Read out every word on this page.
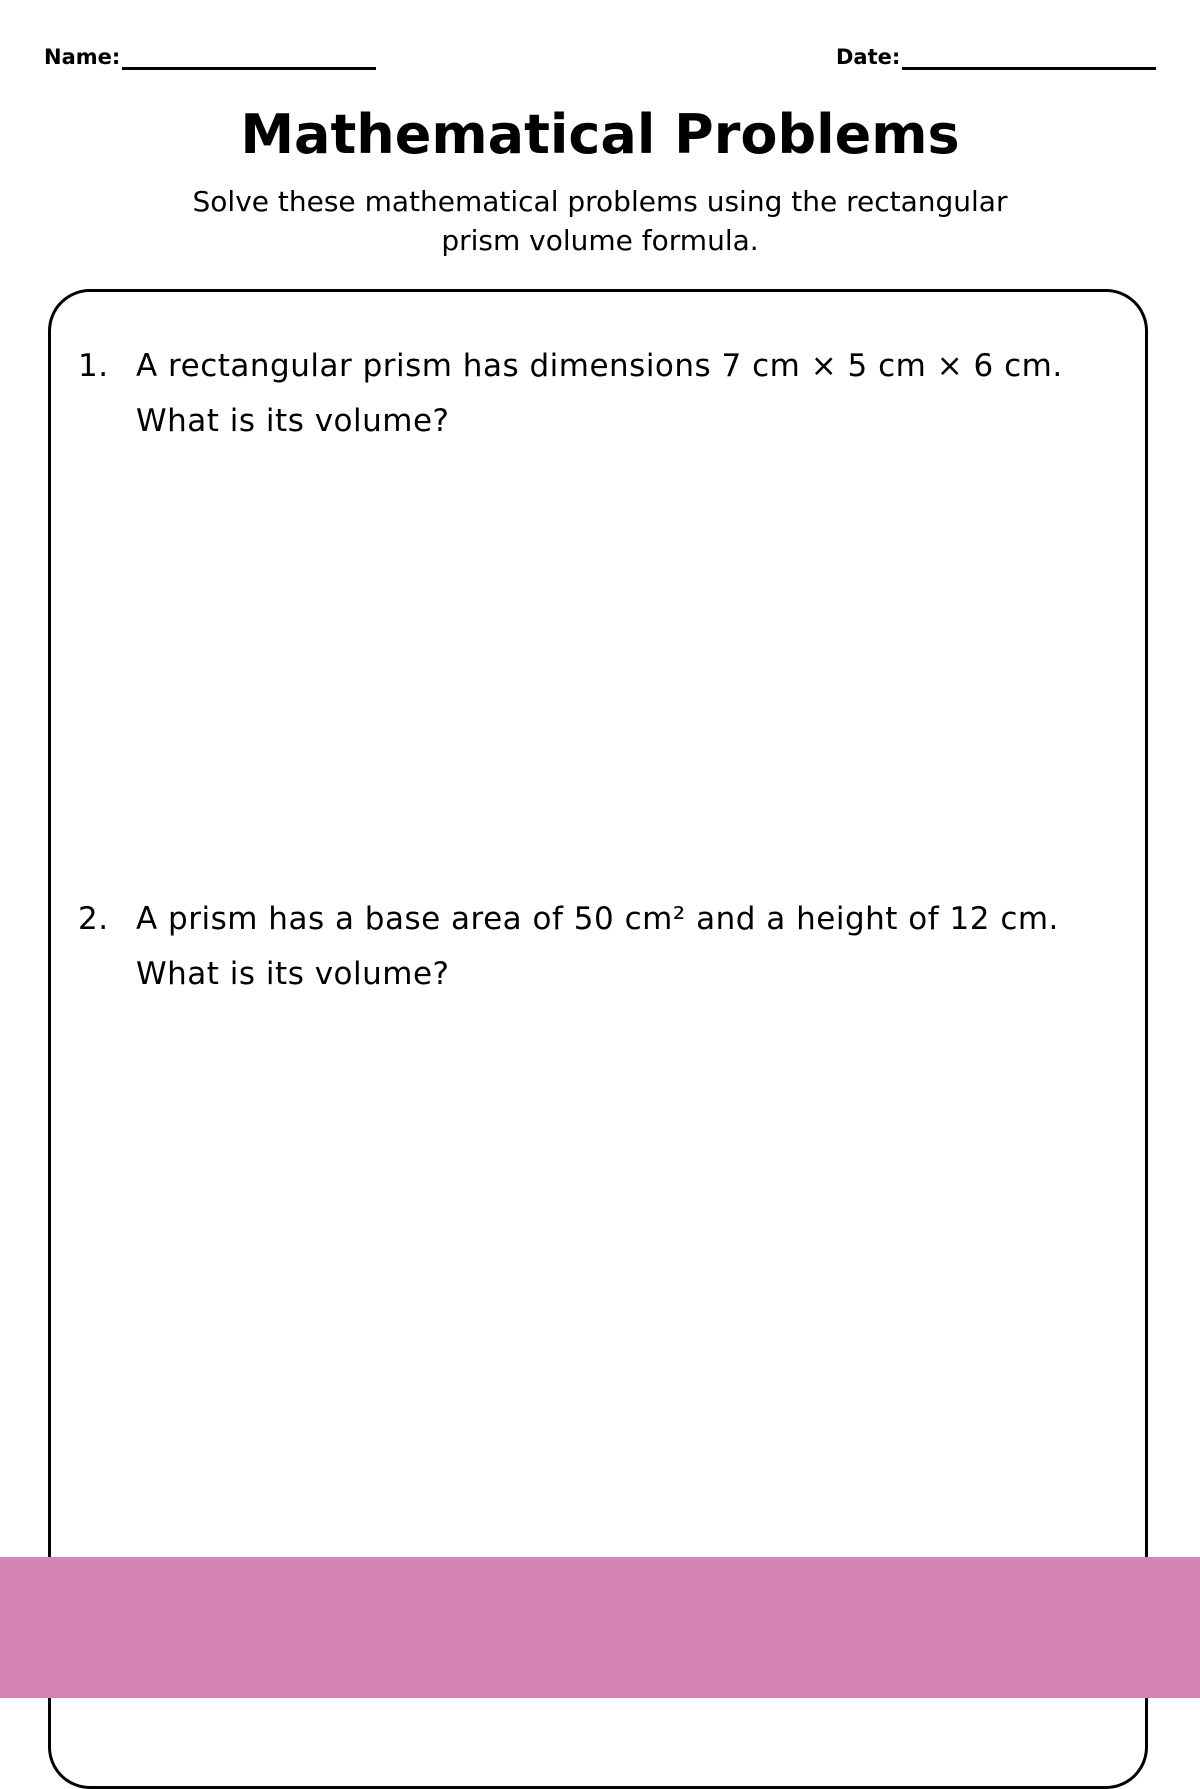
Name:	Date:
Mathematical Problems

Solve these mathematical problems using the rectangular prism volume formula.

1. A rectangular prism has dimensions 7 cm × 5 cm × 6 cm. What is its volume?
2. A prism has a base area of 50 cm² and a height of 12 cm. What is its volume?
